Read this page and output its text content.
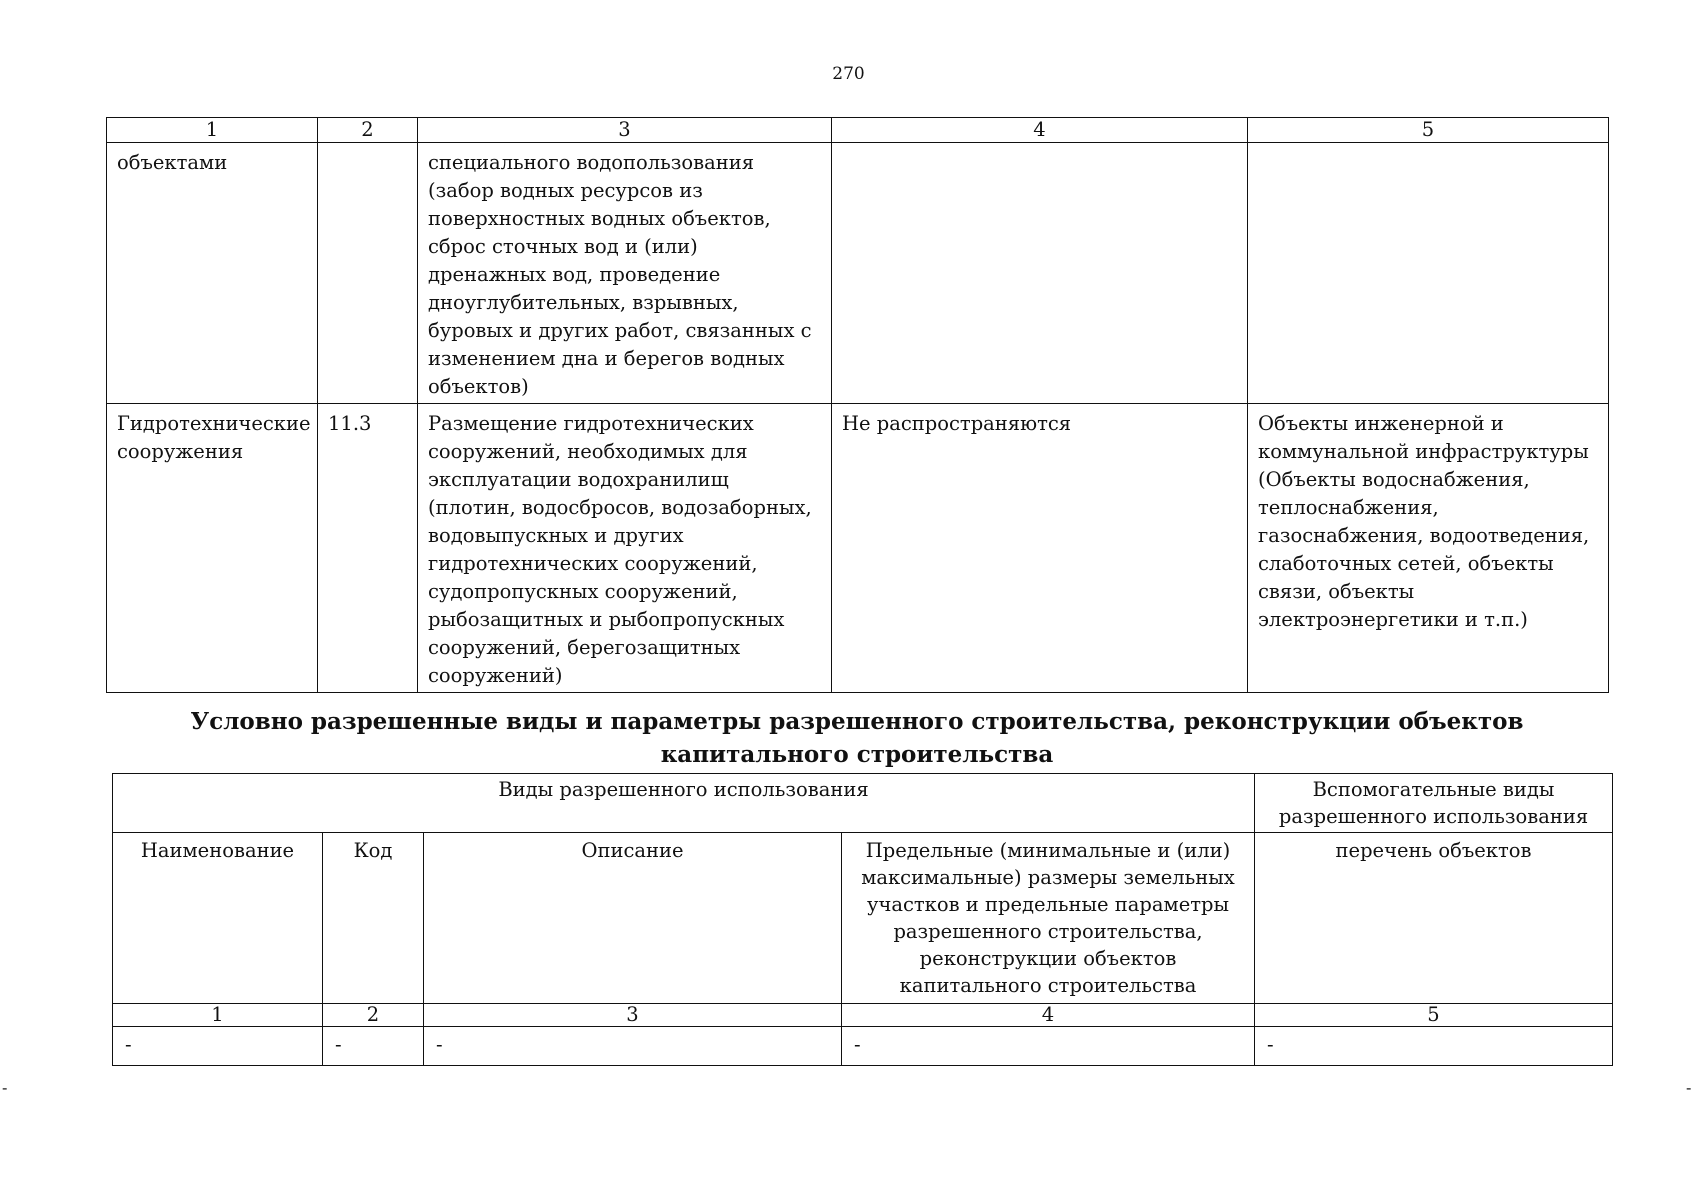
270
1	2	3	4	5
объектами		специального водопользования (забор водных ресурсов из поверхностных водных объектов, сброс сточных вод и (или) дренажных вод, проведение дноуглубительных, взрывных, буровых и других работ, связанных с изменением дна и берегов водных объектов)		
Гидротехнические сооружения	11.3	Размещение гидротехнических сооружений, необходимых для эксплуатации водохранилищ (плотин, водосбросов, водозаборных, водовыпускных и других гидротехнических сооружений, судопропускных сооружений, рыбозащитных и рыбопропускных сооружений, берегозащитных сооружений)	Не распространяются	Объекты инженерной и коммунальной инфраструктуры (Объекты водоснабжения, теплоснабжения, газоснабжения, водоотведения, слаботочных сетей, объекты связи, объекты электроэнергетики и т.п.)
Условно разрешенные виды и параметры разрешенного строительства, реконструкции объектов капитального строительства
Виды разрешенного использования				Вспомогательные виды разрешенного использования
Наименование	Код	Описание	Предельные (минимальные и (или) максимальные) размеры земельных участков и предельные параметры разрешенного строительства, реконструкции объектов капитального строительства	перечень объектов
1	2	3	4	5
-	-	-	-	-
-	-
